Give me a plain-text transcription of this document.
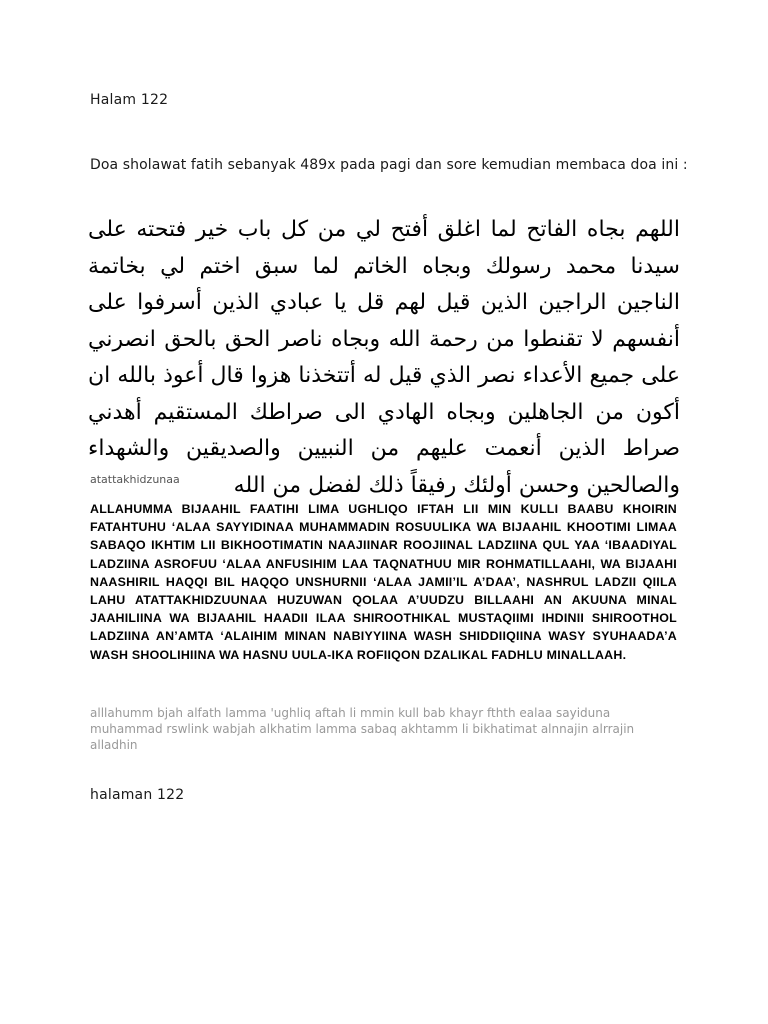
Halam 122
Doa sholawat fatih sebanyak 489x pada pagi dan sore kemudian membaca doa ini :
اللهم بجاه الفاتح لما اغلق أفتح لي من كل باب خير فتحته على سيدنا محمد رسولك وبجاه الخاتم لما سبق اختم لي بخاتمة الناجين الراجين الذين قيل لهم قل يا عبادي الذين أسرفوا على أنفسهم لا تقنطوا من رحمة الله وبجاه ناصر الحق بالحق انصرني على جميع الأعداء نصر الذي قيل له أتتخذنا هزوا قال أعوذ بالله ان أكون من الجاهلين وبجاه الهادي الى صراطك المستقيم أهدني صراط الذين أنعمت عليهم من النبيين والصديقين والشهداء والصالحين وحسن أولئك رفيقاً ذلك لفضل من الله
atattakhidzunaa
ALLAHUMMA BIJAAHIL FAATIHI LIMA UGHLIQO IFTAH LII MIN KULLI BAABU KHOIRIN FATAHTUHU ‘ALAA SAYYIDINAA MUHAMMADIN ROSUULIKA WA BIJAAHIL KHOOTIMI LIMAA SABAQO IKHTIM LII BIKHOOTIMATIN NAAJIINAR ROOJIINAL LADZIINA QUL YAA ‘IBAADIYAL LADZIINA ASROFUU ‘ALAA ANFUSIHIM LAA TAQNATHUU MIR ROHMATILLAAHI, WA BIJAAHI NAASHIRIL HAQQI BIL HAQQO UNSHURNII ‘ALAA JAMII’IL A’DAA’, NASHRUL LADZII QIILA LAHU ATATTAKHIDZUUNAA HUZUWAN QOLAA A’UUDZU BILLAAHI AN AKUUNA MINAL JAAHILIINA WA BIJAAHIL HAADII ILAA SHIROOTHIKAL MUSTAQIIMI IHDINII SHIROOTHOL LADZIINA AN’AMTA ‘ALAIHIM MINAN NABIYYIINA WASH SHIDDIIQIINA WASY SYUHAADA’A WASH SHOOLIHIINA WA HASNU UULA-IKA ROFIIQON DZALIKAL FADHLU MINALLAAH.
alllahumm bjah alfath lamma 'ughliq aftah li mmin kull bab khayr fthth ealaa sayiduna muhammad rswlink wabjah alkhatim lamma sabaq akhtamm li bikhatimat alnnajin alrrajin alladhin
halaman 122
